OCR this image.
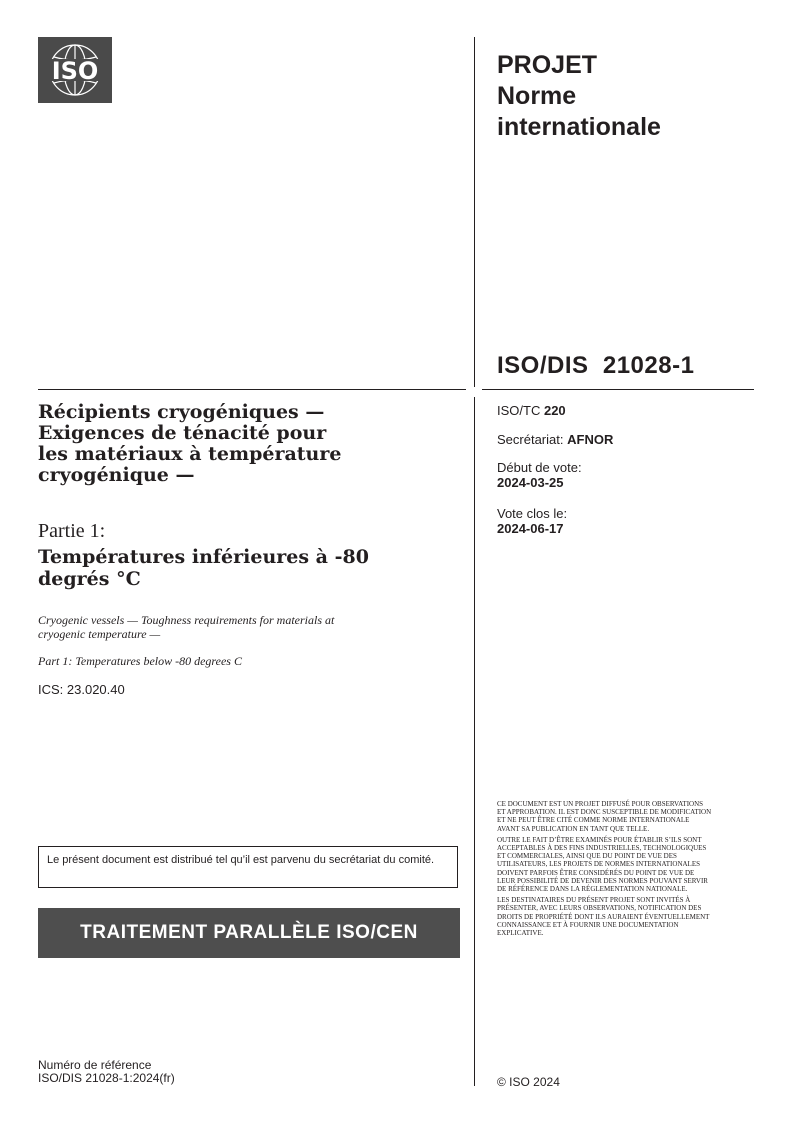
ISO	PROJET
Norme
internationale
ISO/DIS  21028-1
ISO/TC 220
Secrétariat: AFNOR
Début de vote:
2024-03-25
Vote clos le:
2024-06-17
Récipients cryogéniques —
Exigences de ténacité pour
les matériaux à température
cryogénique —
Partie 1:
Températures inférieures à -80
degrés °C
Cryogenic vessels — Toughness requirements for materials at
cryogenic temperature —
Part 1: Temperatures below -80 degrees C
ICS: 23.020.40
Le présent document est distribué tel qu’il est parvenu du secrétariat du comité.
TRAITEMENT PARALLÈLE ISO/CEN
Numéro de référence
ISO/DIS 21028-1:2024(fr)

CE DOCUMENT EST UN PROJET DIFFUSÉ POUR OBSERVATIONS ET APPROBATION. IL EST DONC SUSCEPTIBLE DE MODIFICATION ET NE PEUT ÊTRE CITÉ COMME NORME INTERNATIONALE AVANT SA PUBLICATION EN TANT QUE TELLE.

OUTRE LE FAIT D’ÊTRE EXAMINÉS POUR ÉTABLIR S’ILS SONT ACCEPTABLES À DES FINS INDUSTRIELLES, TECHNOLOGIQUES ET COMMERCIALES, AINSI QUE DU POINT DE VUE DES UTILISATEURS, LES PROJETS DE NORMES INTERNATIONALES DOIVENT PARFOIS ÊTRE CONSIDÉRÉS DU POINT DE VUE DE LEUR POSSIBILITÉ DE DEVENIR DES NORMES POUVANT SERVIR DE RÉFÉRENCE DANS LA RÉGLEMENTATION NATIONALE.

LES DESTINATAIRES DU PRÉSENT PROJET SONT INVITÉS À PRÉSENTER, AVEC LEURS OBSERVATIONS, NOTIFICATION DES DROITS DE PROPRIÉTÉ DONT ILS AURAIENT ÉVENTUELLEMENT CONNAISSANCE ET À FOURNIR UNE DOCUMENTATION EXPLICATIVE.

© ISO 2024
